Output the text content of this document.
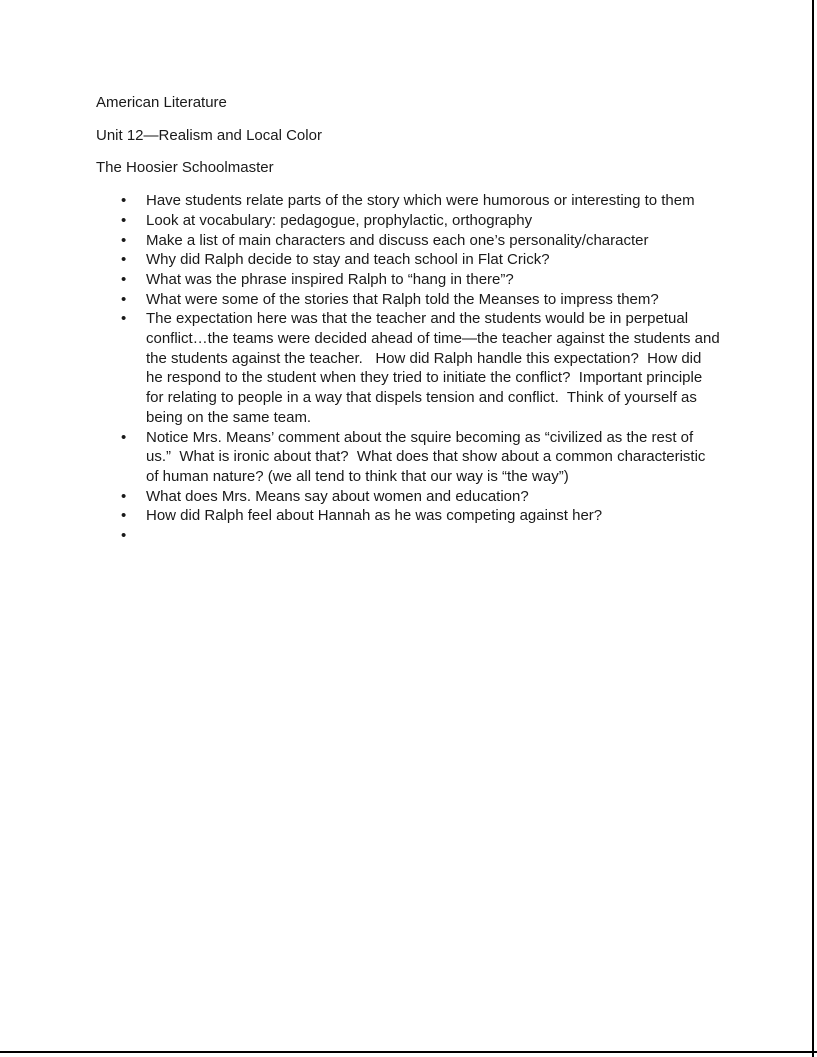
American Literature

Unit 12—Realism and Local Color

The Hoosier Schoolmaster

• Have students relate parts of the story which were humorous or interesting to them
• Look at vocabulary: pedagogue, prophylactic, orthography
• Make a list of main characters and discuss each one’s personality/character
• Why did Ralph decide to stay and teach school in Flat Crick?
• What was the phrase inspired Ralph to “hang in there”?
• What were some of the stories that Ralph told the Meanses to impress them?
• The expectation here was that the teacher and the students would be in perpetual conflict…the teams were decided ahead of time—the teacher against the students and the students against the teacher.   How did Ralph handle this expectation?  How did he respond to the student when they tried to initiate the conflict?  Important principle for relating to people in a way that dispels tension and conflict.  Think of yourself as being on the same team.
• Notice Mrs. Means’ comment about the squire becoming as “civilized as the rest of us.”  What is ironic about that?  What does that show about a common characteristic of human nature? (we all tend to think that our way is “the way”)
• What does Mrs. Means say about women and education?
• How did Ralph feel about Hannah as he was competing against her?
•
